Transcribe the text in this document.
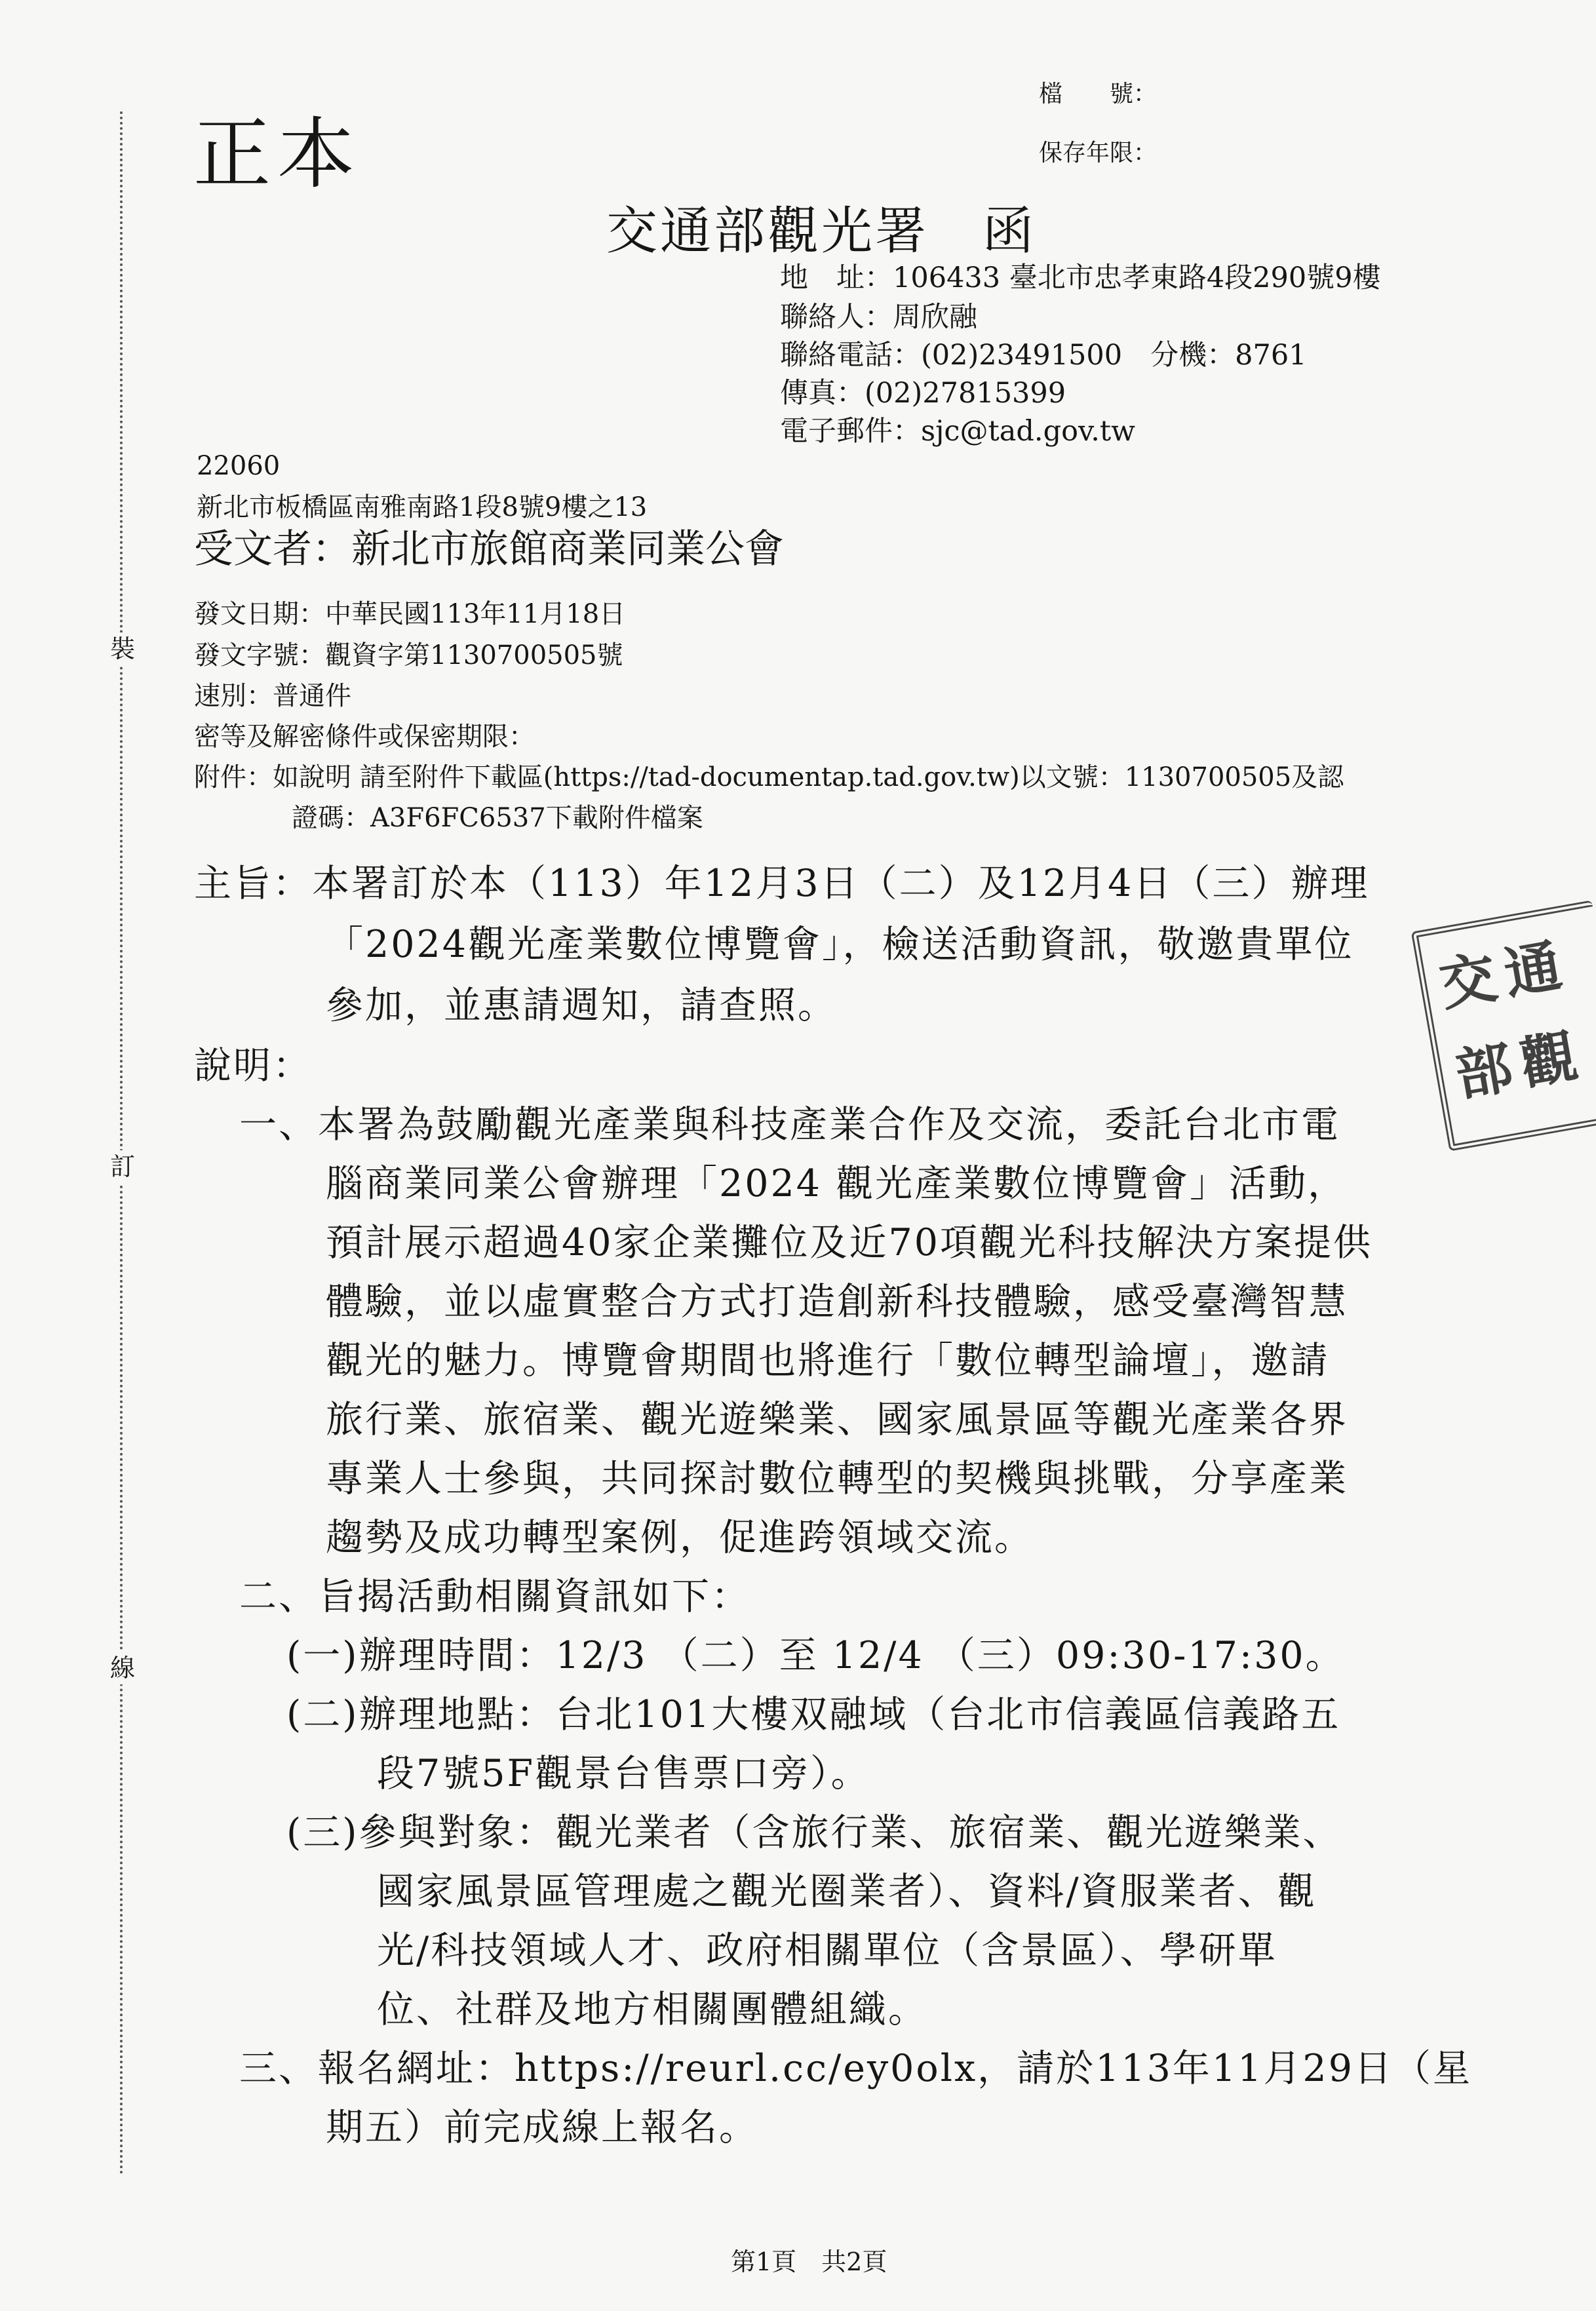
裝
訂
線
正本
檔　　號：
保存年限：
交通部觀光署　函
地　址：106433 臺北市忠孝東路4段290號9樓
聯絡人：周欣融
聯絡電話：(02)23491500　分機：8761
傳真：(02)27815399
電子郵件：sjc@tad.gov.tw
22060
新北市板橋區南雅南路1段8號9樓之13
受文者：新北市旅館商業同業公會
發文日期：中華民國113年11月18日
發文字號：觀資字第1130700505號
速別：普通件
密等及解密條件或保密期限：
附件：如說明 請至附件下載區(https://tad-documentap.tad.gov.tw)以文號：1130700505及認
證碼：A3F6FC6537下載附件檔案
主旨：本署訂於本（113）年12月3日（二）及12月4日（三）辦理
「2024觀光產業數位博覽會」，檢送活動資訊，敬邀貴單位
參加，並惠請週知，請查照。
說明：
一、本署為鼓勵觀光產業與科技產業合作及交流，委託台北市電
腦商業同業公會辦理「2024 觀光產業數位博覽會」活動，
預計展示超過40家企業攤位及近70項觀光科技解決方案提供
體驗，並以虛實整合方式打造創新科技體驗，感受臺灣智慧
觀光的魅力。博覽會期間也將進行「數位轉型論壇」，邀請
旅行業、旅宿業、觀光遊樂業、國家風景區等觀光產業各界
專業人士參與，共同探討數位轉型的契機與挑戰，分享產業
趨勢及成功轉型案例，促進跨領域交流。
二、旨揭活動相關資訊如下：
(一)辦理時間：12/3 （二）至 12/4 （三）09:30-17:30。
(二)辦理地點：台北101大樓双融域（台北市信義區信義路五
段7號5F觀景台售票口旁）。
(三)參與對象：觀光業者（含旅行業、旅宿業、觀光遊樂業、
國家風景區管理處之觀光圈業者）、資料/資服業者、觀
光/科技領域人才、政府相關單位（含景區）、學研單
位、社群及地方相關團體組織。
三、報名網址：https://reurl.cc/ey0olx，請於113年11月29日（星
期五）前完成線上報名。
交
通
部
觀
第1頁　共2頁
